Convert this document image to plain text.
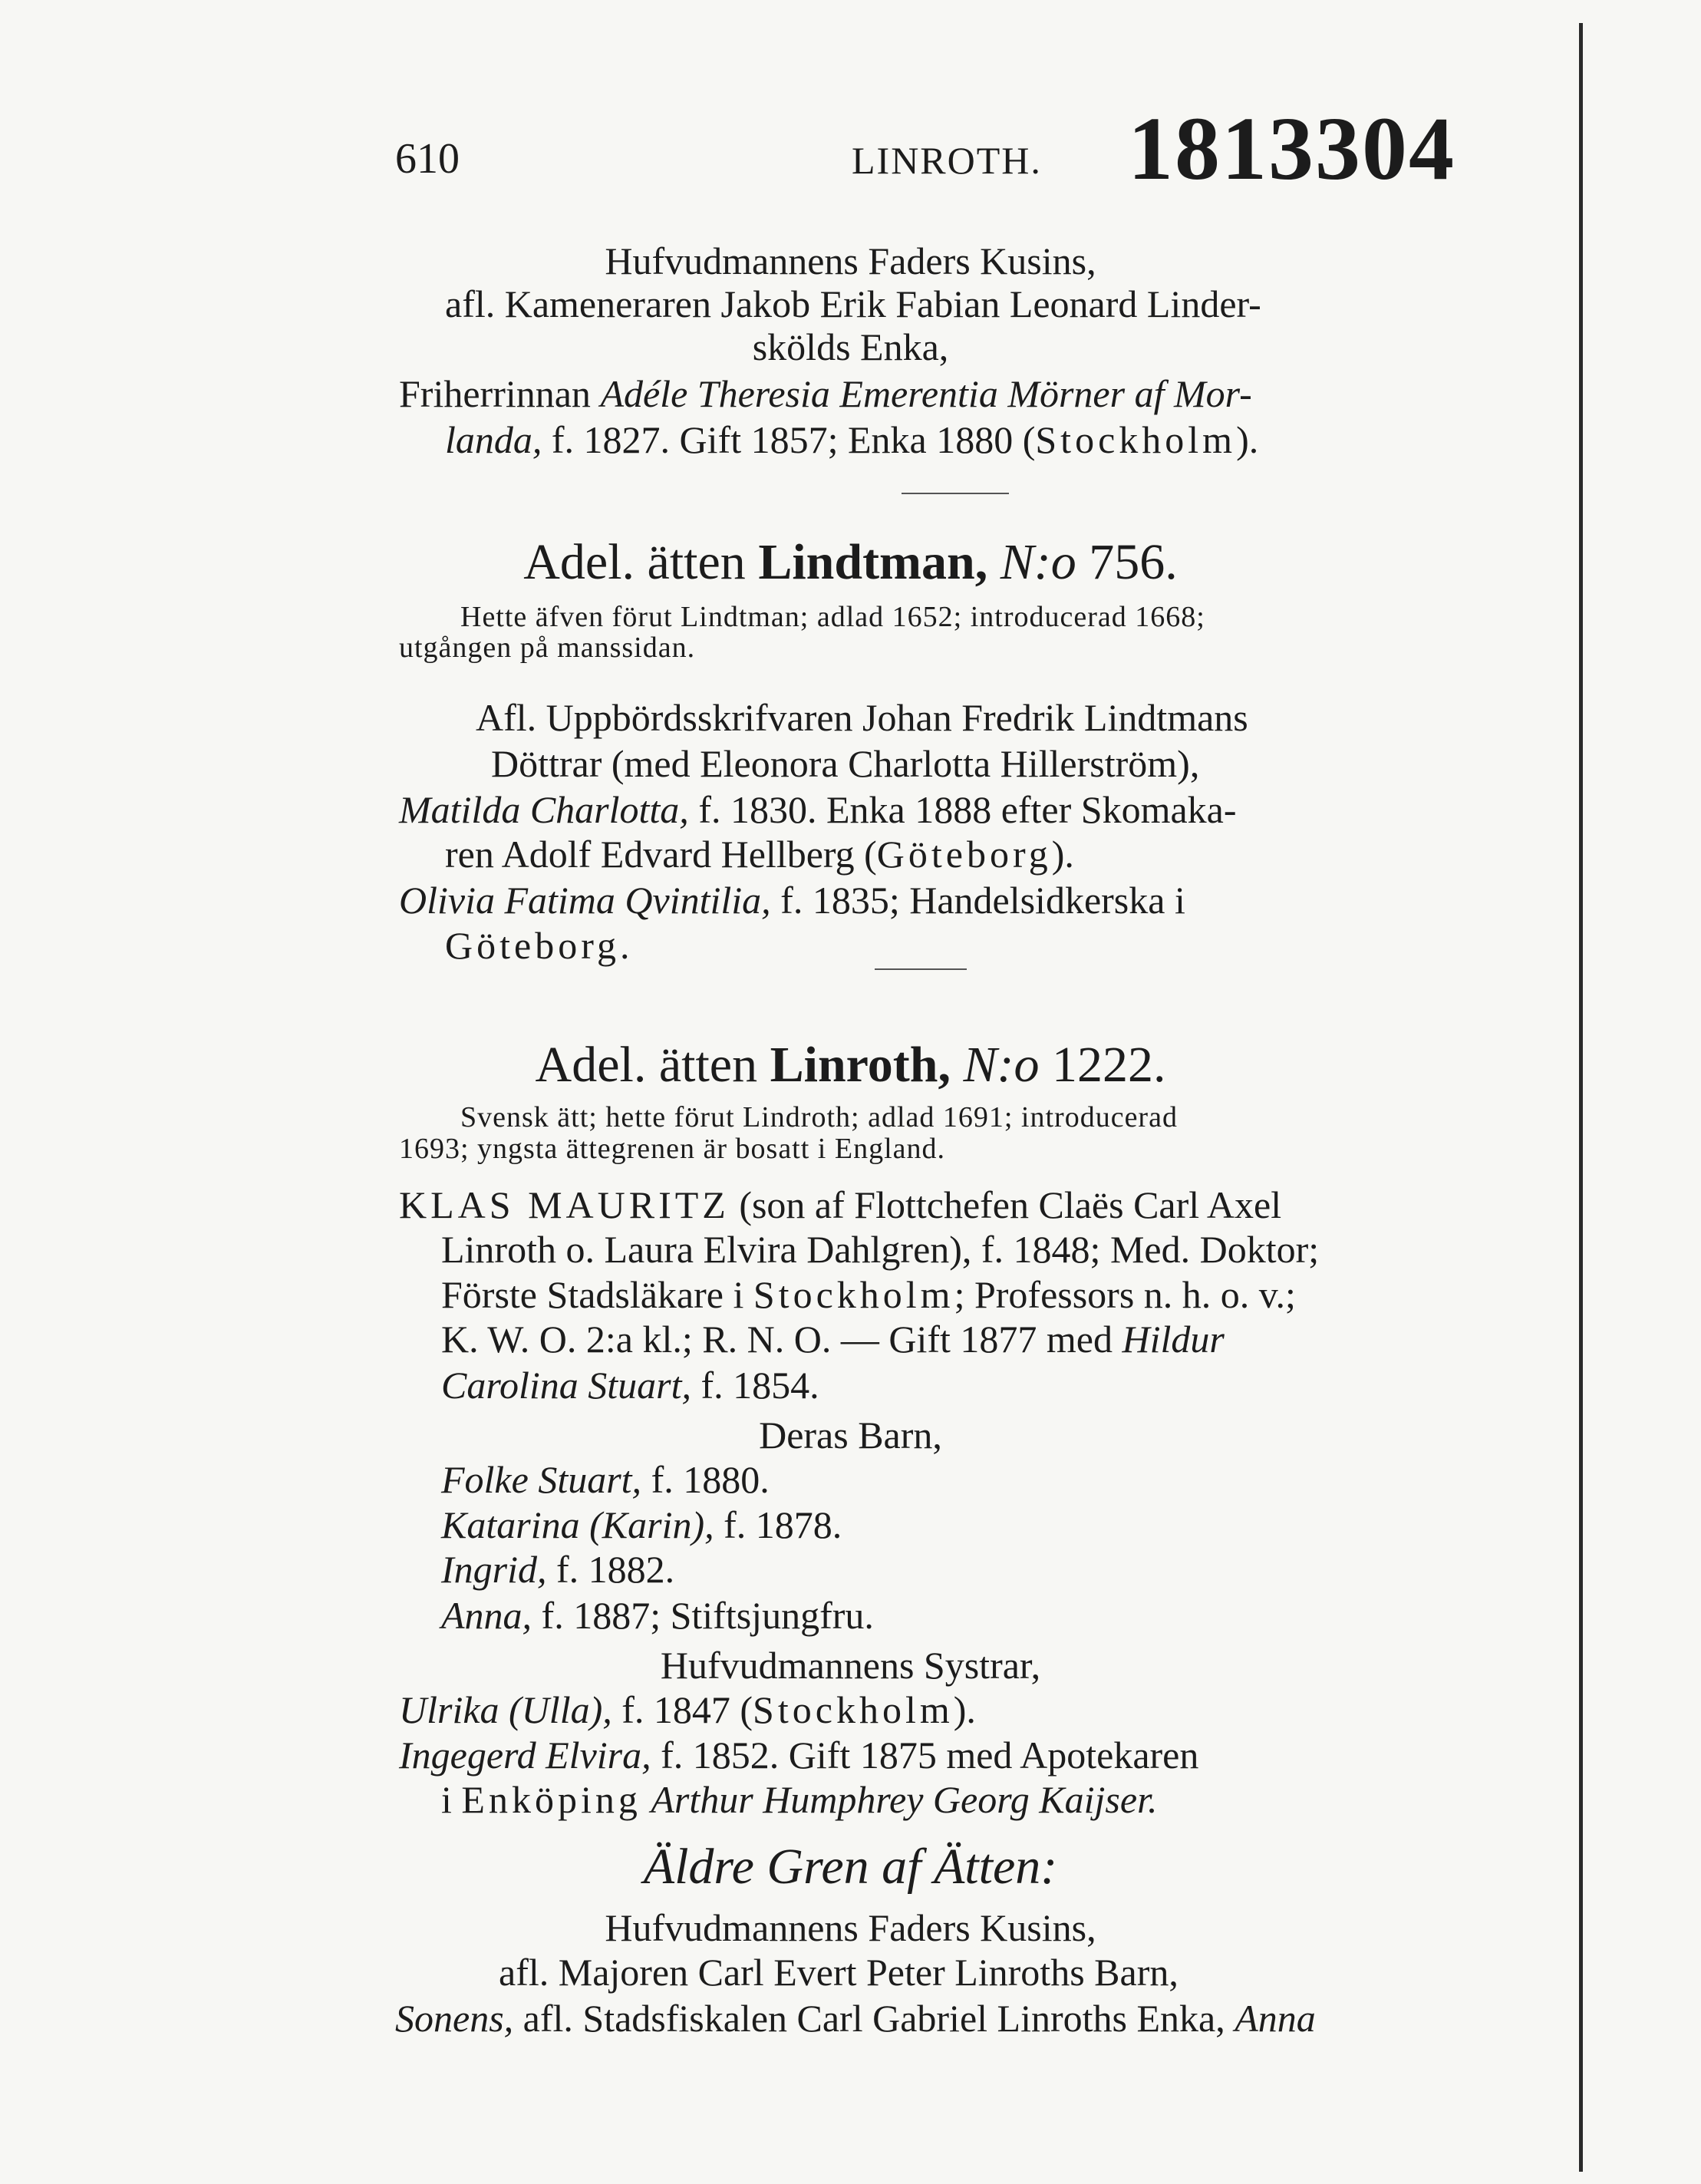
610	LINROTH. 1813304
Hufvudmannens Faders Kusins,
afl. Kameneraren Jakob Erik Fabian Leonard Linder-
skölds Enka,
Friherrinnan Adéle Theresia Emerentia Mörner af Mor-
landa, f. 1827. Gift 1857; Enka 1880 (Stockholm).
Adel. ätten Lindtman, N:o 756.
Hette äfven förut Lindtman; adlad 1652; introducerad 1668;
utgången på manssidan.
Afl. Uppbördsskrifvaren Johan Fredrik Lindtmans
Döttrar (med Eleonora Charlotta Hillerström),
Matilda Charlotta, f. 1830. Enka 1888 efter Skomaka-
ren Adolf Edvard Hellberg (Göteborg).
Olivia Fatima Qvintilia, f. 1835; Handelsidkerska i
Göteborg.
Adel. ätten Linroth, N:o 1222.
Svensk ätt; hette förut Lindroth; adlad 1691; introducerad
1693; yngsta ättegrenen är bosatt i England.
KLAS MAURITZ (son af Flottchefen Claës Carl Axel
Linroth o. Laura Elvira Dahlgren), f. 1848; Med. Doktor;
Förste Stadsläkare i Stockholm; Professors n. h. o. v.;
K. W. O. 2:a kl.; R. N. O. — Gift 1877 med Hildur
Carolina Stuart, f. 1854.
Deras Barn,
Folke Stuart, f. 1880.
Katarina (Karin), f. 1878.
Ingrid, f. 1882.
Anna, f. 1887; Stiftsjungfru.
Hufvudmannens Systrar,
Ulrika (Ulla), f. 1847 (Stockholm).
Ingegerd Elvira, f. 1852. Gift 1875 med Apotekaren
i Enköping Arthur Humphrey Georg Kaijser.
Äldre Gren af Ätten:
Hufvudmannens Faders Kusins,
afl. Majoren Carl Evert Peter Linroths Barn,
Sonens, afl. Stadsfiskalen Carl Gabriel Linroths Enka, Anna
